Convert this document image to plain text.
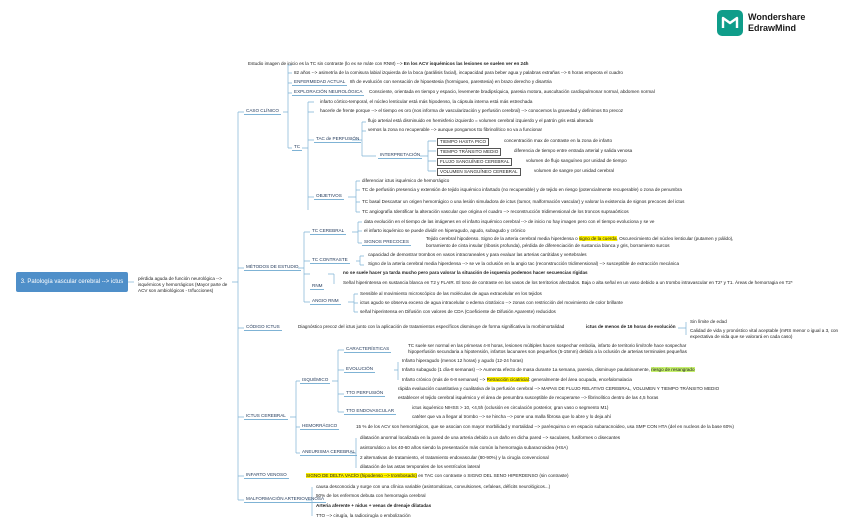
Wondershare
EdrawMind
3. Patología vascular cerebral --> ictus	pérdida aguda de función neurológica --> isquémicos y hemorrágicos (Mayor parte de ACV son ambiológicos - tr/fucciones)
CASO CLÍNICO
MÉTODOS DE ESTUDIO
CÓDIGO ICTUS
ICTUS CEREBRAL
INFARTO VENOSO
MALFORMACIÓN ARTERIOVENOSA
Estudio imagen de inicio es la TC sin contraste (lo ex se máte con RNM) --> En los ACV isquémicos las lesiones se suelen ver en 24h
82 años --> asimetría de la comisura labial izquierda de la boca (parálisis facial), incapacidad para beber agua y palabras extrañas --> 6 horas empeora el cuadro
ENFERMEDAD ACTUAL	8h de evolución con sensación de hipoestesia (hormigueo, parestesia) en brazo derecho y disartria
EXPLORACIÓN NEUROLÓGICA	Consciente, orientada en tiempo y espacio, levemente bradipsíquica, paresia motora, auscultación cardiopulmonar normal, abdomen normal
TC
infarto córtico-temporal, el núcleo lenticular está más hipodenso, la cápsula interna está más estrechada
hacerle de frente porque --> el tiempo es oro (nos informa de vascularización y perfusión cerebral) --> conocemos la gravedad y definimos tto precoz
TAC de PERFUSIÓN
flujo arterial está disminuido en hemisferio izquierdo = volumen cerebral izquierdo y el patrón gris está alterado
vemos la zona no recuperable --> aunque pongamos tto fibrinolítico no va a funcionar
INTERPRETACIÓN
TIEMPO HASTA PICO	concentración max de contraste en la zona de infarto
TIEMPO TRÁNSITO MEDIO	diferencia de tiempo entre entrada arterial y salida venosa
FLUJO SANGUÍNEO CEREBRAL	volumen de flujo sanguíneo por unidad de tiempo
VOLUMEN SANGUÍNEO CEREBRAL	volumen de sangre por unidad cerebral
OBJETIVOS
diferenciar ictus isquémico de hemorrágico
TC de perfusión presencia y extensión de tejido isquémico infartado (no recuperable) y de tejido en riesgo (potencialmente recuperable) o zona de penumbra
TC basal Descartar un origen hemorrágico o una lesión simuladora de ictus (tumor, malformación vascular) y valorar la existencia de signos precoces del ictus
TC angiografía Identificar la alteración vascular que origina el cuadro --> reconstrucción tridimensional de los troncos supraaórticos
TC CEREBRAL
data evolución en el tiempo de las imágenes en el infarto isquémico cerebral --> de inicio no hay imagen pero con el tiempo evoluciona y se ve
el infarto isquémico se puede dividir en hiperagudo, agudo, subagudo y crónico
SIGNOS PRECOCES
Tejido cerebral hipodenso. Signo de la arteria cerebral media hiperdensa o signo de la cuerda, Oscurecimiento del núcleo lenticular (putamen y pálido),
borramiento de cinta insular (ribosis profunda), pérdida de diferenciación de sustancia blanca y gris, borramiento surcos
TC CONTRASTE
capacidad de demostrar trombos en vasos intracraneales y para evaluar las arterias carótidas y vertebrales
Signo de la arteria cerebral media hiperdensa --> se ve la oclusión en la angio tac (reconstrucción tridimensional) --> susceptible de extracción mecánica
RNM
no se suele hacer ya tarda mucho pero para valorar la situación de isquemia podemos hacer secuencias rígidas
Señal hiperintensa en sustancia blanca en T2 y FLAIR. El tono de contraste en los vasos de los territorios afectados. Baja o alta señal en un vaso debido a un trombo intravascular en T2* y T1. Áreas de hemorragia en T2*
ANGIO RNM
Sensible al movimiento microscópico de las moléculas de agua extracelular en los tejidos
ictus agudo se observa exceso de agua intracelular o edema citotóxico --> zonas con restricción del movimiento de color brillante
señal hiperintensa en Difusión con valores de CDA (Coeficiente de Difusión Aparente) reducidos
Diagnóstico precoz del ictus junto con la aplicación de tratamientos específicos disminuye de forma significativa la morbimortalidad	ictus de menos de 16 horas de evolución
Sin límite de edad
Calidad de vida y pronóstico vital aceptable (mRS menor o igual a 3, con expectativa de vida que se valorará en cada caso)
ISQUÉMICO
CARACTERÍSTICAS
TC suele ser normal en las primeras 4-8 horas, lesiones múltiples hacen sospechar embolia, infarto de territorio limítrofe hace sospechar
hipoperfusión secundaria a hipotensión, infartos lacunares son pequeños (5-15mm) debido a la oclusión de arterias terminales pequeñas
EVOLUCIÓN
Infarto hiperagudo (menos 12 horas) y agudo (12-24 horas)
Infarto subagudo (1 día-8 semanas) --> Aumenta efecto de masa durante 1a semana, paresia, disminuye paulatinamente, riesgo de resangrado
Infarto crónico (más de 6-8 semanas) --> Retracción cicatricial: generalmente del área ocupada, encefalomalacia
TTO PERFUSIÓN
rápida evaluación cuantitativa y cualitativa de la perfusión cerebral --> MAPAS DE FLUJO RELATIVO CEREBRAL, VOLUMEN Y TIEMPO TRÁNSITO MEDIO
establecer el tejido cerebral isquémico y el área de penumbra susceptible de recuperarse --> fibrinolítico dentro de las 4,5 horas
TTO ENDOVASCULAR
ictus isquémico NIHSS > 10, <4,5h (oclusión en circulación posterior, gran vaso o segmento M1)
catéter que va a llegar al trombo --> se hincha --> pone una malla fibrosa que lo abre y lo deja ahí
HEMORRÁGICO	15 % de los ACV son hemorrágicos, que se asocian con mayor morbilidad y mortalidad --> parénquima o en espacio subaracnoideo, usa SMP CON HTA (del en nucleos de la base 60%)
ANEURISMA CEREBRAL
dilatación anormal localizada en la pared de una arteria debido a un daño en dicha pared --> saculares, fusiformes o disecantes
asintomático a los 40-60 años siendo la presentación más común la hemorragia subaracnoidea (HSA)
2 alternativas de tratamiento, el tratamiento endovascular (80-90%) y la cirugía convencional
dilatación de las astas temporales de los ventrículos lateral
SIGNO DE DELTA VACÍO (hipodenso --> trombosado) en TAC con contraste o SIGNO DEL SENO HIPERDENSO (sin contraste)
causa desconocida y surge con una clínica variable (asintomáticas, convulsiones, cefaleas, déficits neurológicos...)
50% de los enfermos debuta con hemorragia cerebral
Arteria aferente + nidus + venas de drenaje dilatadas
TTO --> cirugía, la radiocirugía o embolización
